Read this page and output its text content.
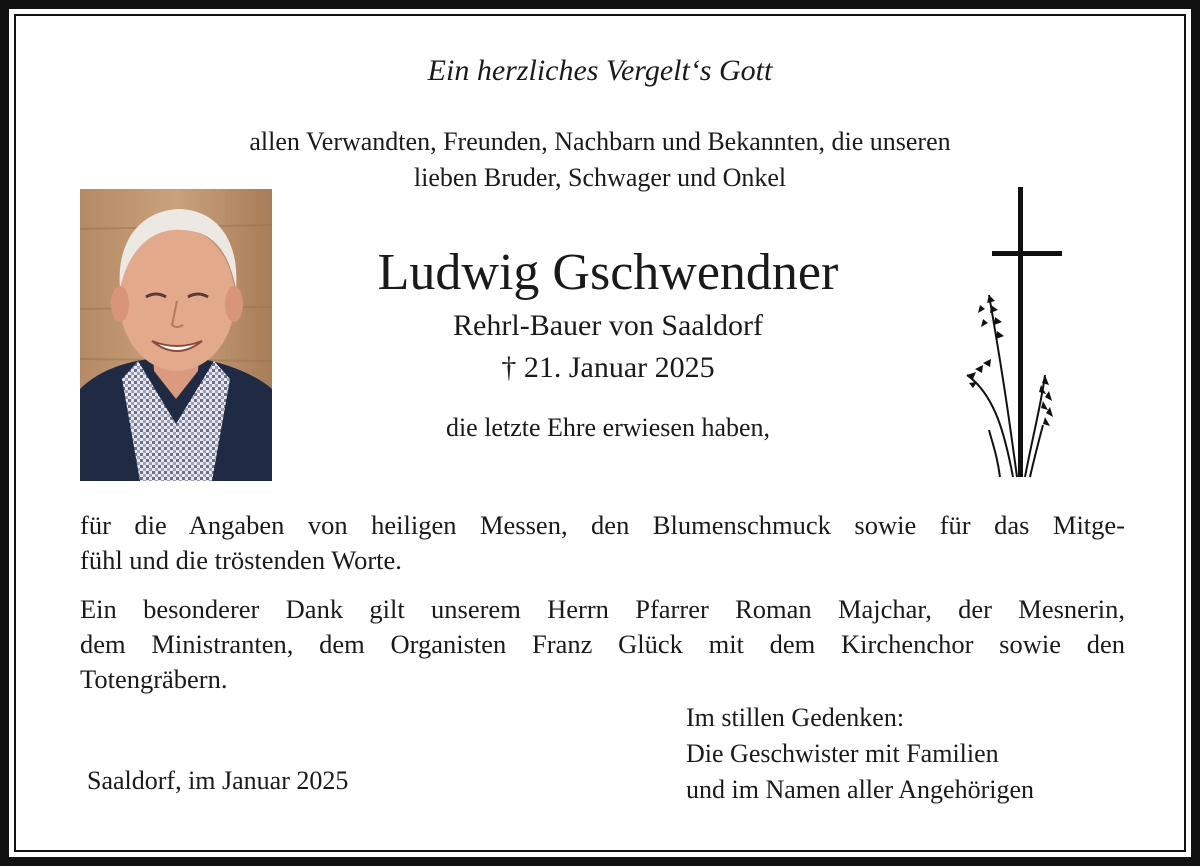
Ein herzliches Vergelt‘s Gott
allen Verwandten, Freunden, Nachbarn und Bekannten, die unseren
lieben Bruder, Schwager und Onkel
Ludwig Gschwendner
Rehrl-Bauer von Saaldorf
† 21. Januar 2025
die letzte Ehre erwiesen haben,
für die Angaben von heiligen Messen, den Blumenschmuck sowie für das Mitge-
fühl und die tröstenden Worte.
Ein besonderer Dank gilt unserem Herrn Pfarrer Roman Majchar, der Mesnerin,
dem Ministranten, dem Organisten Franz Glück mit dem Kirchenchor sowie den
Totengräbern.
Saaldorf, im Januar 2025
Im stillen Gedenken:
Die Geschwister mit Familien
und im Namen aller Angehörigen
